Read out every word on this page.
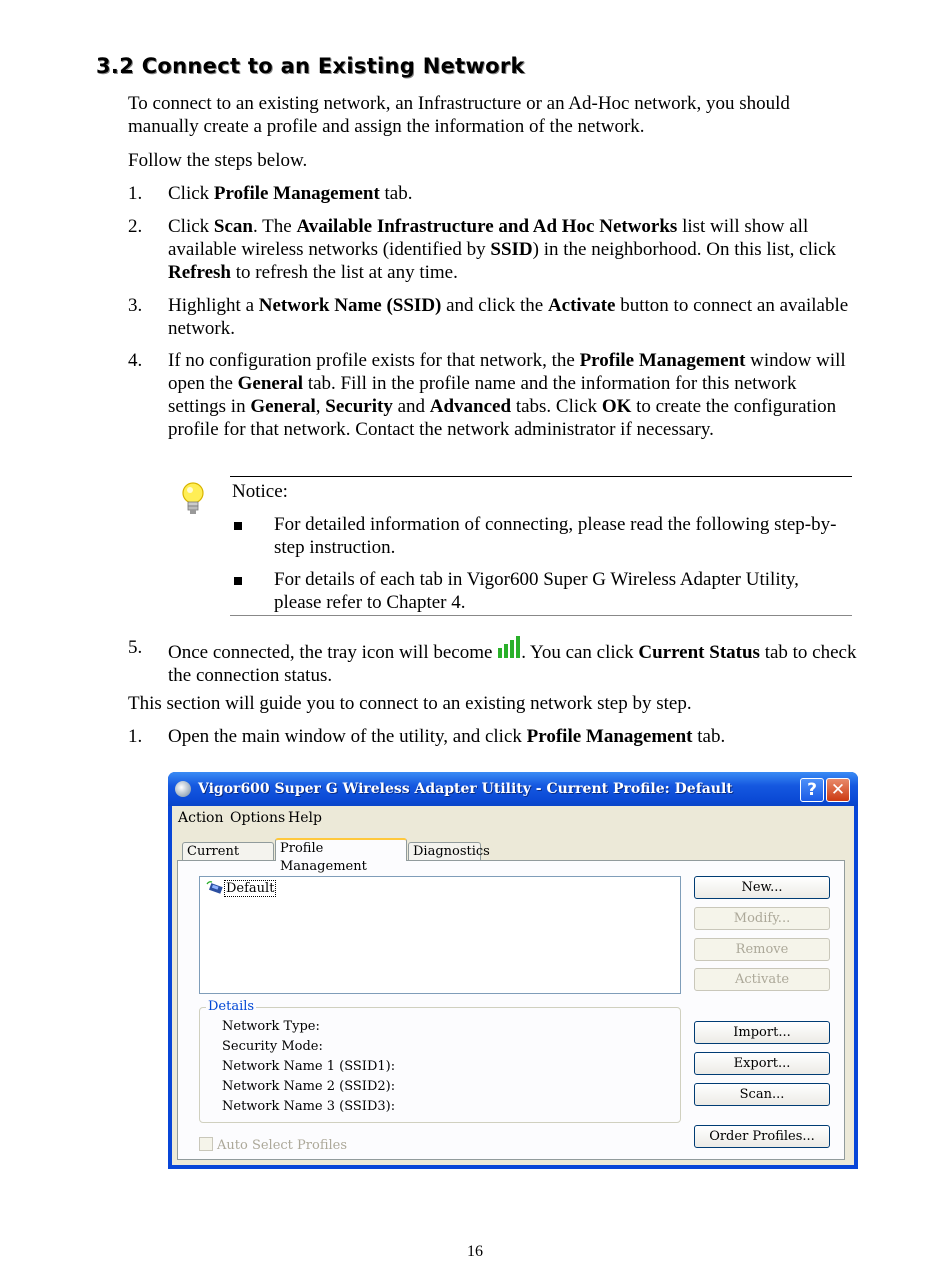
3.2 Connect to an Existing Network
To connect to an existing network, an Infrastructure or an Ad-Hoc network, you should manually create a profile and assign the information of the network.
Follow the steps below.
1. Click Profile Management tab.
2. Click Scan. The Available Infrastructure and Ad Hoc Networks list will show all available wireless networks (identified by SSID) in the neighborhood. On this list, click Refresh to refresh the list at any time.
3. Highlight a Network Name (SSID) and click the Activate button to connect an available network.
4. If no configuration profile exists for that network, the Profile Management window will open the General tab. Fill in the profile name and the information for this network settings in General, Security and Advanced tabs. Click OK to create the configuration profile for that network. Contact the network administrator if necessary.
Notice:
For detailed information of connecting, please read the following step-by-step instruction.
For details of each tab in Vigor600 Super G Wireless Adapter Utility, please refer to Chapter 4.
5. Once connected, the tray icon will become . You can click Current Status tab to check the connection status.
This section will guide you to connect to an existing network step by step.
1. Open the main window of the utility, and click Profile Management tab.
Vigor600 Super G Wireless Adapter Utility - Current Profile: Default	? ✕
Action Options Help
Current	Profile Management
Diagnostics
Default	New...
Modify...
Remove
Activate
Details
Network Type:
Security Mode:
Network Name 1 (SSID1):
Network Name 2 (SSID2):
Network Name 3 (SSID3):
Import...
Export...
Scan...
Order Profiles...
Auto Select Profiles
16
